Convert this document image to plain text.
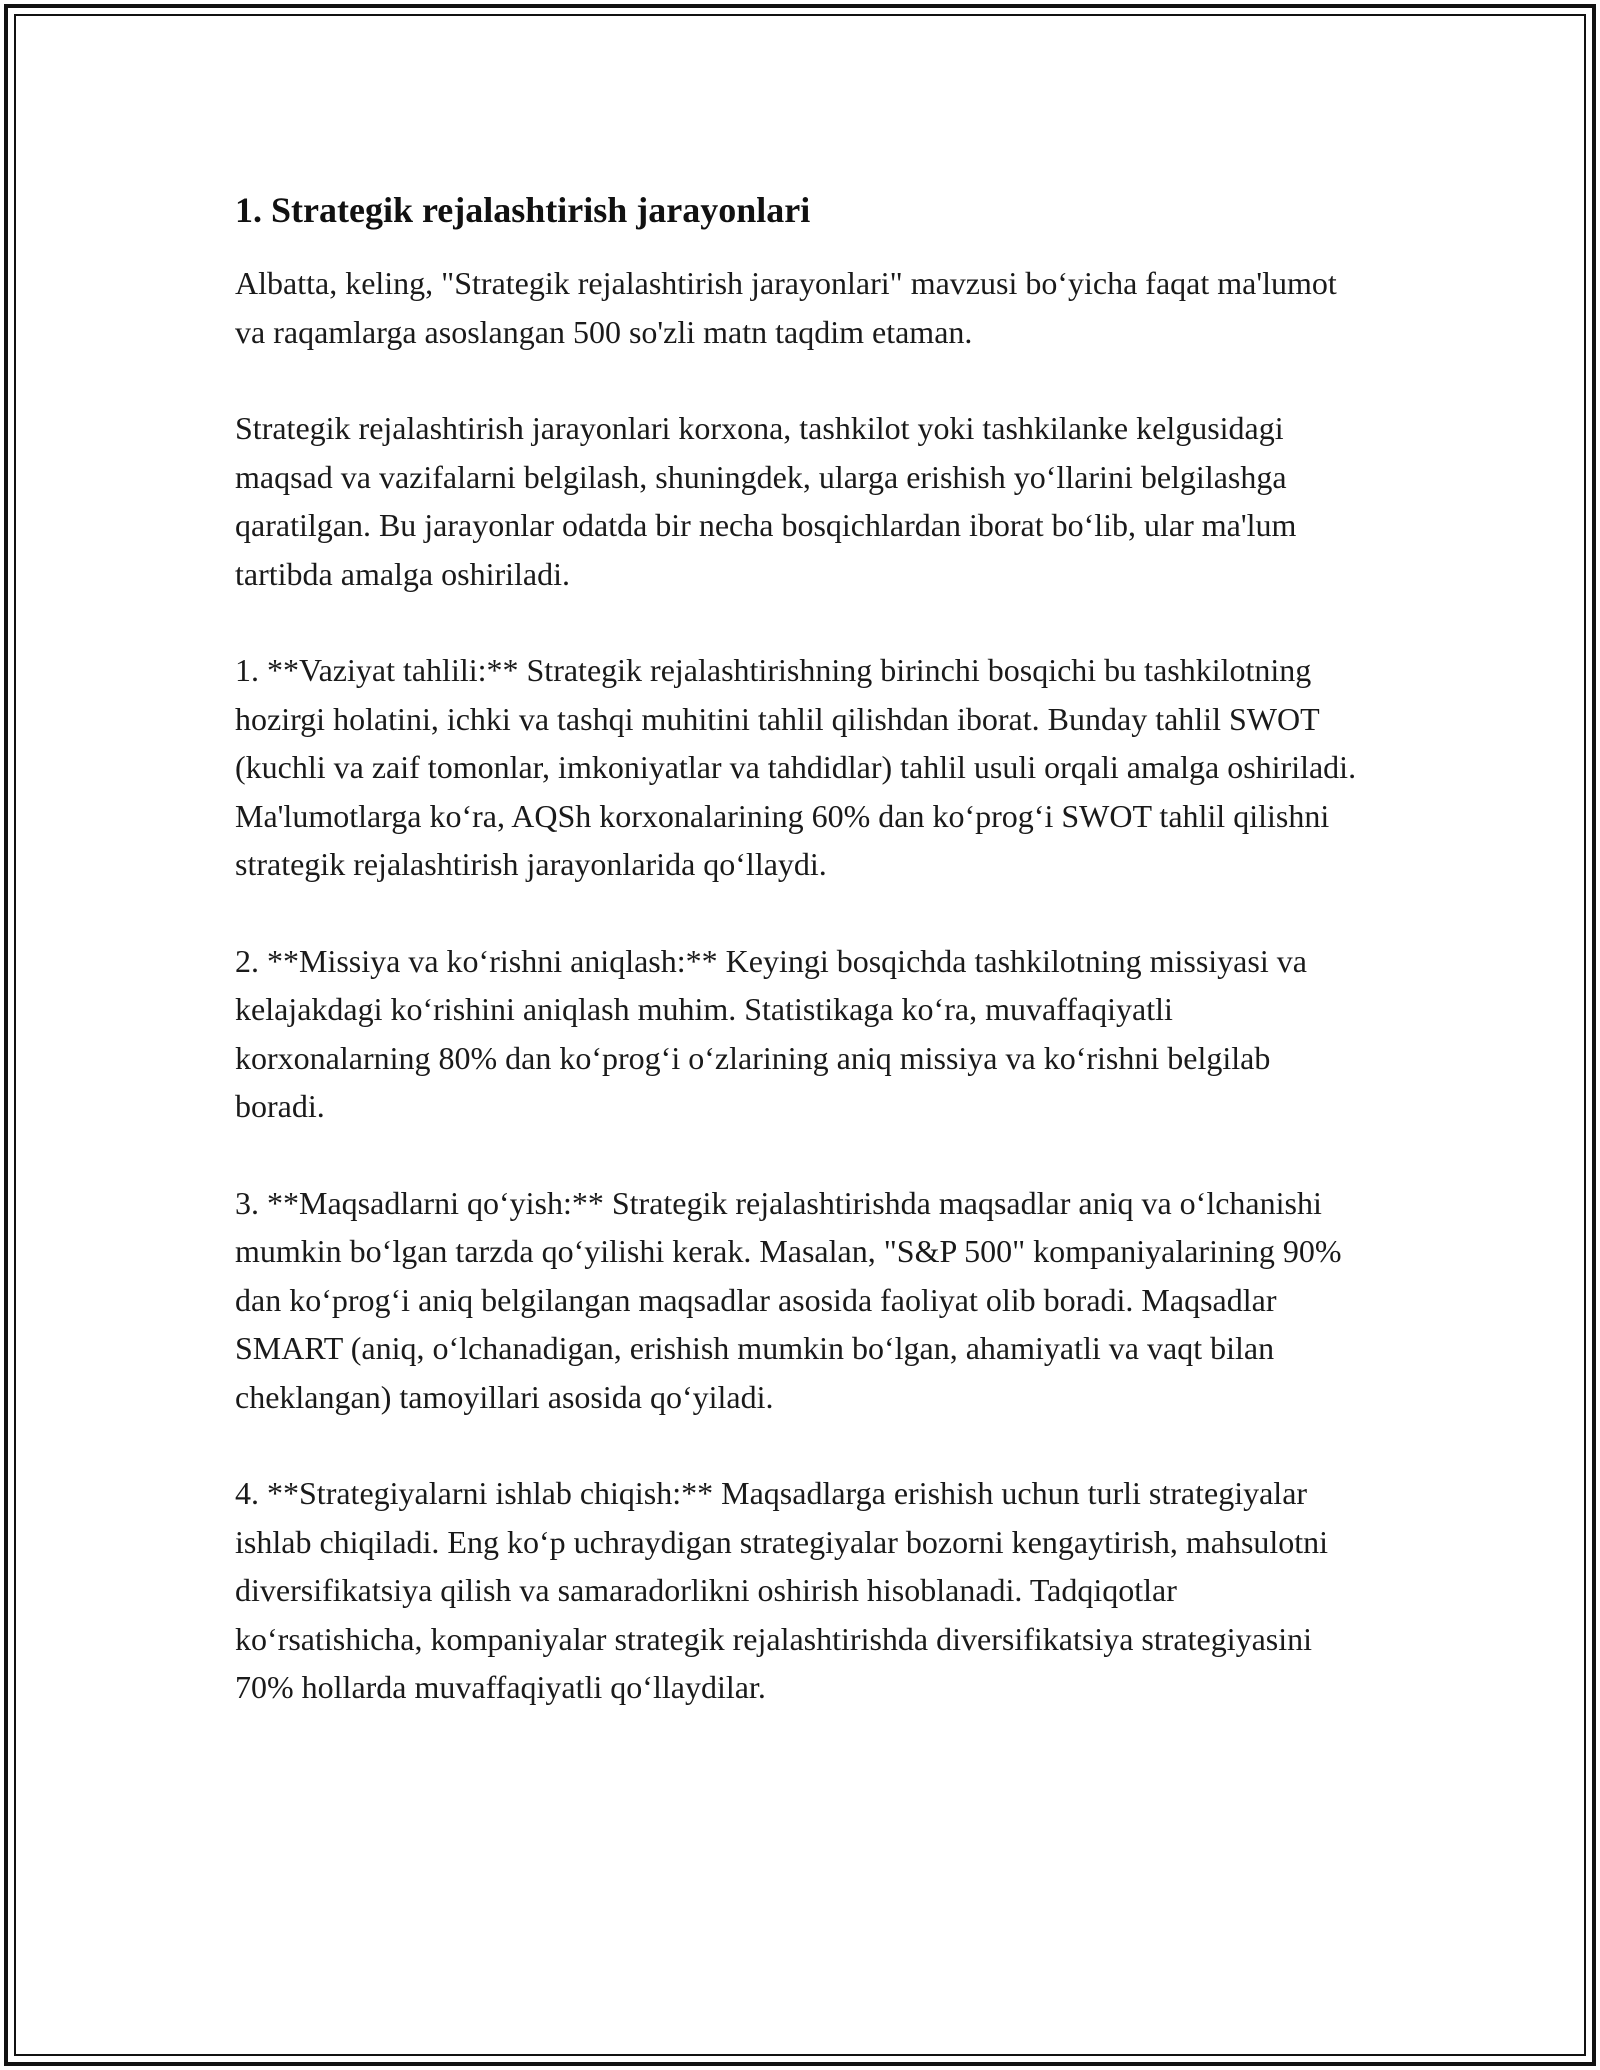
1. Strategik rejalashtirish jarayonlari

Albatta, keling, "Strategik rejalashtirish jarayonlari" mavzusi boʻyicha faqat ma'lumot va raqamlarga asoslangan 500 so'zli matn taqdim etaman.

Strategik rejalashtirish jarayonlari korxona, tashkilot yoki tashkilanke kelgusidagi maqsad va vazifalarni belgilash, shuningdek, ularga erishish yoʻllarini belgilashga qaratilgan. Bu jarayonlar odatda bir necha bosqichlardan iborat boʻlib, ular ma'lum tartibda amalga oshiriladi.

1. **Vaziyat tahlili:** Strategik rejalashtirishning birinchi bosqichi bu tashkilotning hozirgi holatini, ichki va tashqi muhitini tahlil qilishdan iborat. Bunday tahlil SWOT (kuchli va zaif tomonlar, imkoniyatlar va tahdidlar) tahlil usuli orqali amalga oshiriladi. Ma'lumotlarga koʻra, AQSh korxonalarining 60% dan koʻprogʻi SWOT tahlil qilishni strategik rejalashtirish jarayonlarida qoʻllaydi.

2. **Missiya va koʻrishni aniqlash:** Keyingi bosqichda tashkilotning missiyasi va kelajakdagi koʻrishini aniqlash muhim. Statistikaga koʻra, muvaffaqiyatli korxonalarning 80% dan koʻprogʻi oʻzlarining aniq missiya va koʻrishni belgilab boradi.

3. **Maqsadlarni qoʻyish:** Strategik rejalashtirishda maqsadlar aniq va oʻlchanishi mumkin boʻlgan tarzda qoʻyilishi kerak. Masalan, "S&P 500" kompaniyalarining 90% dan koʻprogʻi aniq belgilangan maqsadlar asosida faoliyat olib boradi. Maqsadlar SMART (aniq, oʻlchanadigan, erishish mumkin boʻlgan, ahamiyatli va vaqt bilan cheklangan) tamoyillari asosida qoʻyiladi.

4. **Strategiyalarni ishlab chiqish:** Maqsadlarga erishish uchun turli strategiyalar ishlab chiqiladi. Eng koʻp uchraydigan strategiyalar bozorni kengaytirish, mahsulotni diversifikatsiya qilish va samaradorlikni oshirish hisoblanadi. Tadqiqotlar koʻrsatishicha, kompaniyalar strategik rejalashtirishda diversifikatsiya strategiyasini 70% hollarda muvaffaqiyatli qoʻllaydilar.
